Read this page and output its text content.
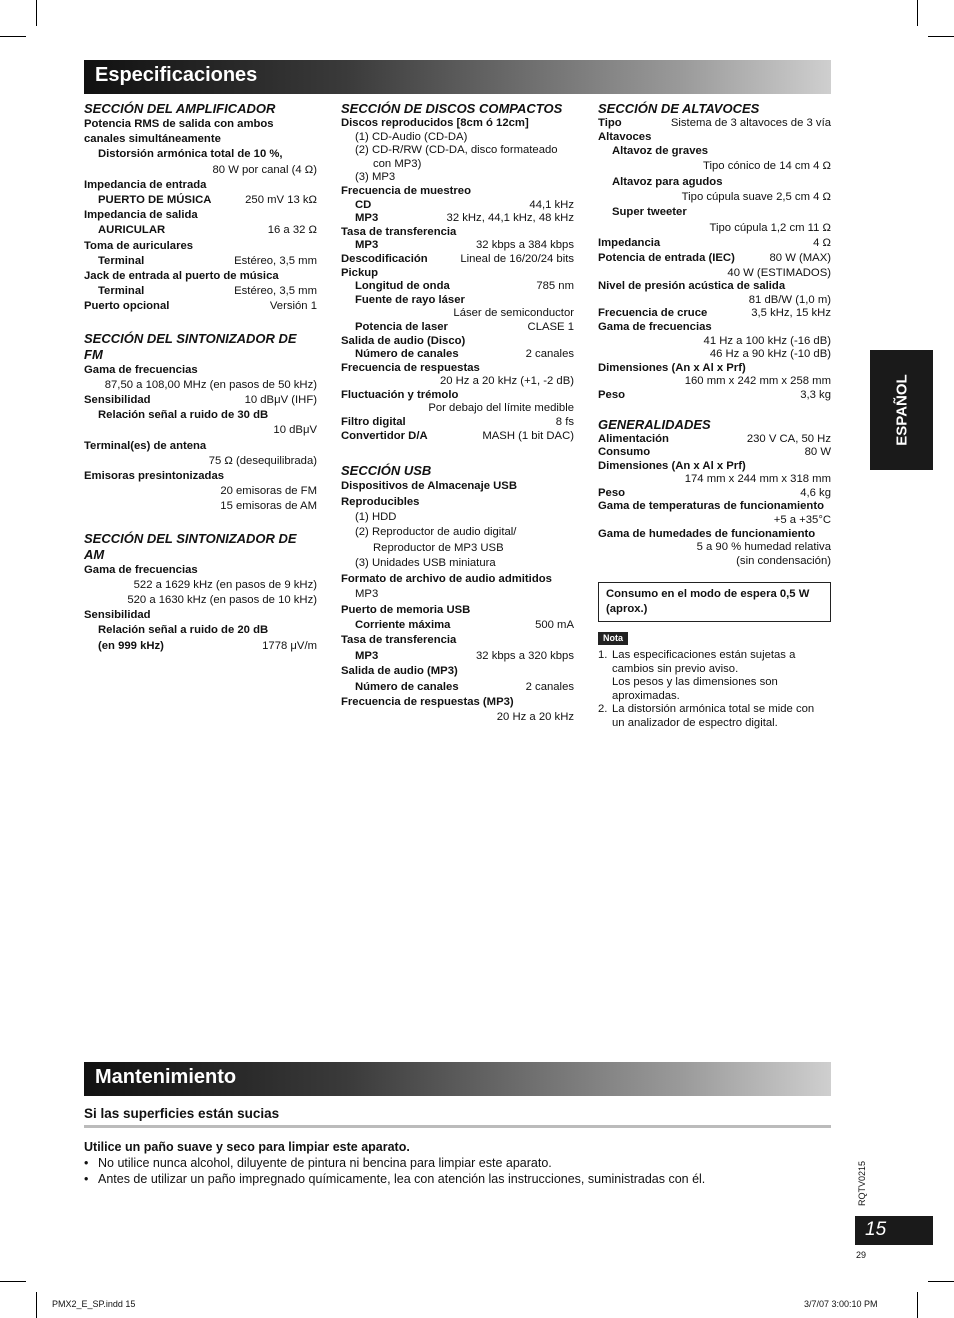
Especificaciones
SECCIÓN DEL AMPLIFICADOR
Potencia RMS de salida con ambos
canales simultáneamente
Distorsión armónica total de 10 %,
80 W por canal (4 Ω)
Impedancia de entrada
PUERTO DE MÚSICA	250 mV 13 kΩ
Impedancia de salida
AURICULAR	16 a 32 Ω
Toma de auriculares
Terminal	Estéreo, 3,5 mm
Jack de entrada al puerto de música
Terminal	Estéreo, 3,5 mm
Puerto opcional	Versión 1
SECCIÓN DEL SINTONIZADOR DE FM
Gama de frecuencias
87,50 a 108,00 MHz (en pasos de 50 kHz)
Sensibilidad	10 dBμV (IHF)
Relación señal a ruido de 30 dB
10 dBμV
Terminal(es) de antena
75 Ω (desequilibrada)
Emisoras presintonizadas
20 emisoras de FM
15 emisoras de AM
SECCIÓN DEL SINTONIZADOR DE AM
Gama de frecuencias
522 a 1629 kHz (en pasos de 9 kHz)
520 a 1630 kHz (en pasos de 10 kHz)
Sensibilidad
Relación señal a ruido de 20 dB
(en 999 kHz)	1778 μV/m
SECCIÓN DE DISCOS COMPACTOS
Discos reproducidos [8cm ó 12cm]
(1) CD-Audio (CD-DA)
(2) CD-R/RW (CD-DA, disco formateado
con MP3)
(3) MP3
Frecuencia de muestreo
CD	44,1 kHz
MP3	32 kHz, 44,1 kHz, 48 kHz
Tasa de transferencia
MP3	32 kbps a 384 kbps
Descodificación	Lineal de 16/20/24 bits
Pickup
Longitud de onda	785 nm
Fuente de rayo láser
Láser de semiconductor
Potencia de laser	CLASE 1
Salida de audio (Disco)
Número de canales	2 canales
Frecuencia de respuestas
20 Hz a 20 kHz (+1, -2 dB)
Fluctuación y trémolo
Por debajo del límite medible
Filtro digital	8 fs
Convertidor D/A	MASH (1 bit DAC)
SECCIÓN USB
Dispositivos de Almacenaje USB
Reproducibles
(1) HDD
(2) Reproductor de audio digital/
Reproductor de MP3 USB
(3) Unidades USB miniatura
Formato de archivo de audio admitidos
MP3
Puerto de memoria USB
Corriente máxima	500 mA
Tasa de transferencia
MP3	32 kbps a 320 kbps
Salida de audio (MP3)
Número de canales	2 canales
Frecuencia de respuestas (MP3)
20 Hz a 20 kHz
SECCIÓN DE ALTAVOCES
Tipo	Sistema de 3 altavoces de 3 vía
Altavoces
Altavoz de graves
Tipo cónico de 14 cm 4 Ω
Altavoz para agudos
Tipo cúpula suave 2,5 cm 4 Ω
Super tweeter
Tipo cúpula 1,2 cm 11 Ω
Impedancia	4 Ω
Potencia de entrada (IEC)	80 W (MAX)
40 W (ESTIMADOS)
Nivel de presión acústica de salida
81 dB/W (1,0 m)
Frecuencia de cruce	3,5 kHz, 15 kHz
Gama de frecuencias
41 Hz a 100 kHz (-16 dB)
46 Hz a 90 kHz (-10 dB)
Dimensiones (An x Al x Prf)
160 mm x 242 mm x 258 mm
Peso	3,3 kg
GENERALIDADES
Alimentación	230 V CA, 50 Hz
Consumo	80 W
Dimensiones (An x Al x Prf)
174 mm x 244 mm x 318 mm
Peso	4,6 kg
Gama de temperaturas de funcionamiento
+5 a +35°C
Gama de humedades de funcionamiento
5 a 90 % humedad relativa
(sin condensación)
Consumo en el modo de espera 0,5 W (aprox.)
Nota
1. Las especificaciones están sujetas a
cambios sin previo aviso.
Los pesos y las dimensiones son
aproximadas.
2. La distorsión armónica total se mide con
un analizador de espectro digital.
ESPAÑOL
Mantenimiento
Si las superficies están sucias
Utilice un paño suave y seco para limpiar este aparato.
• No utilice nunca alcohol, diluyente de pintura ni bencina para limpiar este aparato.
• Antes de utilizar un paño impregnado químicamente, lea con atención las instrucciones, suministradas con él.	RQTV0215
15
29
PMX2_E_SP.indd 15	3/7/07 3:00:10 PM
